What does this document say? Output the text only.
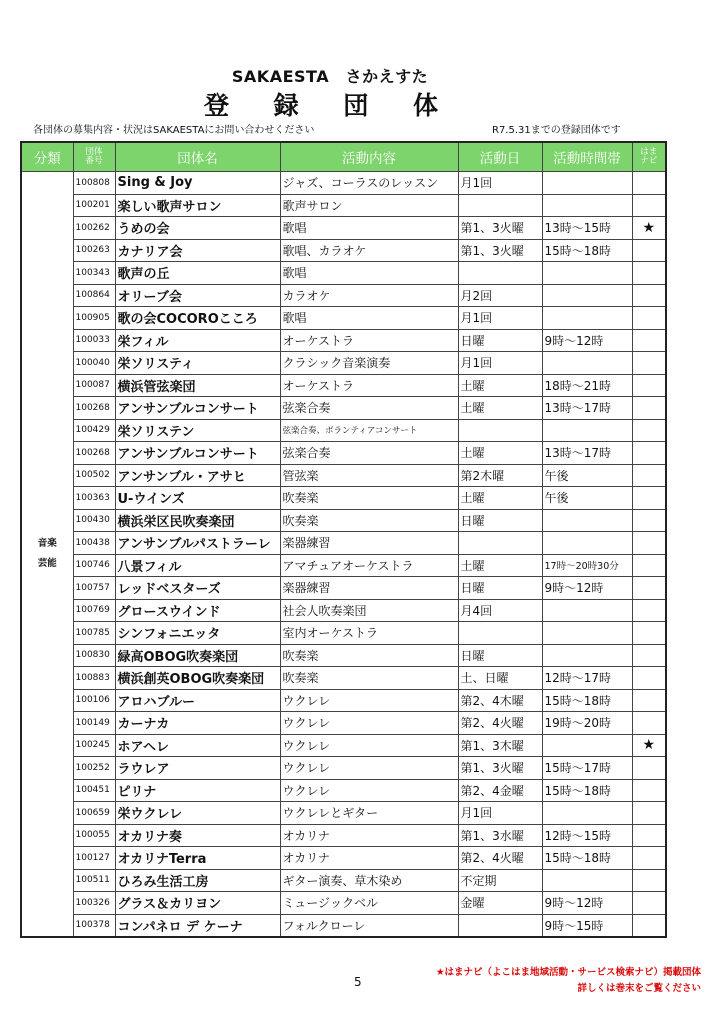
SAKAESTA　さかえすた
登 録 団 体
各団体の募集内容・状況はSAKAESTAにお問い合わせください	R7.5.31までの登録団体です
分類	団体
番号	団体名	活動内容	活動日	活動時間帯	はま
ナビ

音楽
芸能	100808	Sing & Joy	ジャズ、コーラスのレッスン	月1回		
	100201	楽しい歌声サロン	歌声サロン			
	100262	うめの会	歌唱	第1、3火曜	13時～15時	★
	100263	カナリア会	歌唱、カラオケ	第1、3火曜	15時～18時	
	100343	歌声の丘	歌唱			
	100864	オリーブ会	カラオケ	月2回		
	100905	歌の会COCOROこころ	歌唱	月1回		
	100033	栄フィル	オーケストラ	日曜	9時～12時	
	100040	栄ソリスティ	クラシック音楽演奏	月1回		
	100087	横浜管弦楽団	オーケストラ	土曜	18時～21時	
	100268	アンサンブルコンサート	弦楽合奏	土曜	13時～17時	
	100429	栄ソリステン	弦楽合奏、ボランティアコンサート			
	100268	アンサンブルコンサート	弦楽合奏	土曜	13時～17時	
	100502	アンサンブル・アサヒ	管弦楽	第2木曜	午後	
	100363	U-ウインズ	吹奏楽	土曜	午後	
	100430	横浜栄区民吹奏楽団	吹奏楽	日曜		
	100438	アンサンブルパストラーレ	楽器練習			
	100746	八景フィル	アマチュアオーケストラ	土曜	17時～20時30分	
	100757	レッドベスターズ	楽器練習	日曜	9時～12時	
	100769	グロースウインド	社会人吹奏楽団	月4回		
	100785	シンフォニエッタ	室内オーケストラ			
	100830	緑高OBOG吹奏楽団	吹奏楽	日曜		
	100883	横浜創英OBOG吹奏楽団	吹奏楽	土、日曜	12時～17時	
	100106	アロハブルー	ウクレレ	第2、4木曜	15時～18時	
	100149	カーナカ	ウクレレ	第2、4火曜	19時～20時	
	100245	ホアヘレ	ウクレレ	第1、3木曜		★
	100252	ラウレア	ウクレレ	第1、3火曜	15時～17時	
	100451	ピリナ	ウクレレ	第2、4金曜	15時～18時	
	100659	栄ウクレレ	ウクレレとギター	月1回		
	100055	オカリナ奏	オカリナ	第1、3水曜	12時～15時	
	100127	オカリナTerra	オカリナ	第2、4火曜	15時～18時	
	100511	ひろみ生活工房	ギター演奏、草木染め	不定期		
	100326	グラス＆カリヨン	ミュージックベル	金曜	9時～12時	
	100378	コンパネロ デ ケーナ	フォルクローレ		9時～15時	
5
★はまナビ（よこはま地域活動・サービス検索ナビ）掲載団体
詳しくは巻末をご覧ください
